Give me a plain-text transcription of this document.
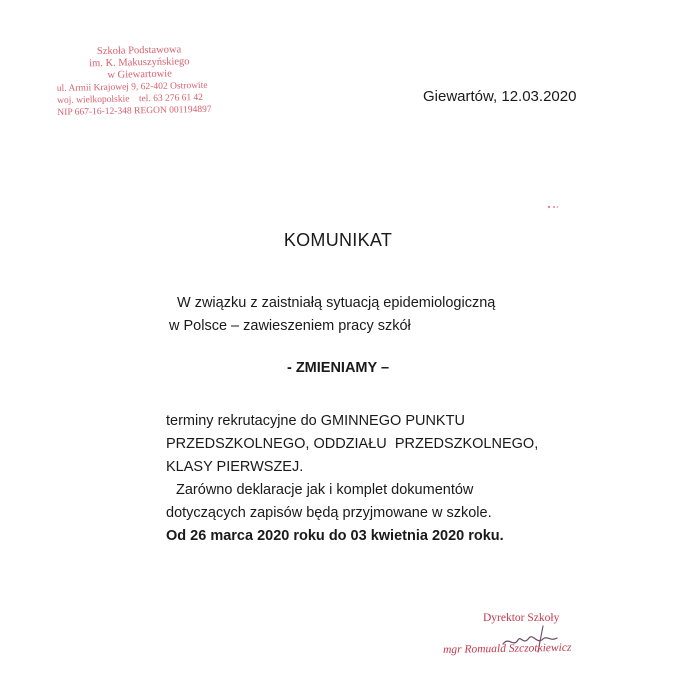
Szkoła Podstawowa
im. K. Makuszyńskiego
w Giewartowie
ul. Armii Krajowej 9, 62-402 Ostrowite
woj. wielkopolskie    tel. 63 276 61 42
NIP 667-16-12-348 REGON 001194897
Giewartów, 12.03.2020
KOMUNIKAT
W związku z zaistniałą sytuacją epidemiologiczną
w Polsce – zawieszeniem pracy szkół
- ZMIENIAMY –
terminy rekrutacyjne do GMINNEGO PUNKTU
PRZEDSZKOLNEGO, ODDZIAŁU  PRZEDSZKOLNEGO,
KLASY PIERWSZEJ.
Zarówno deklaracje jak i komplet dokumentów
dotyczących zapisów będą przyjmowane w szkole.
Od 26 marca 2020 roku do 03 kwietnia 2020 roku.
Dyrektor Szkoły
mgr Romuald Szczotkiewicz
